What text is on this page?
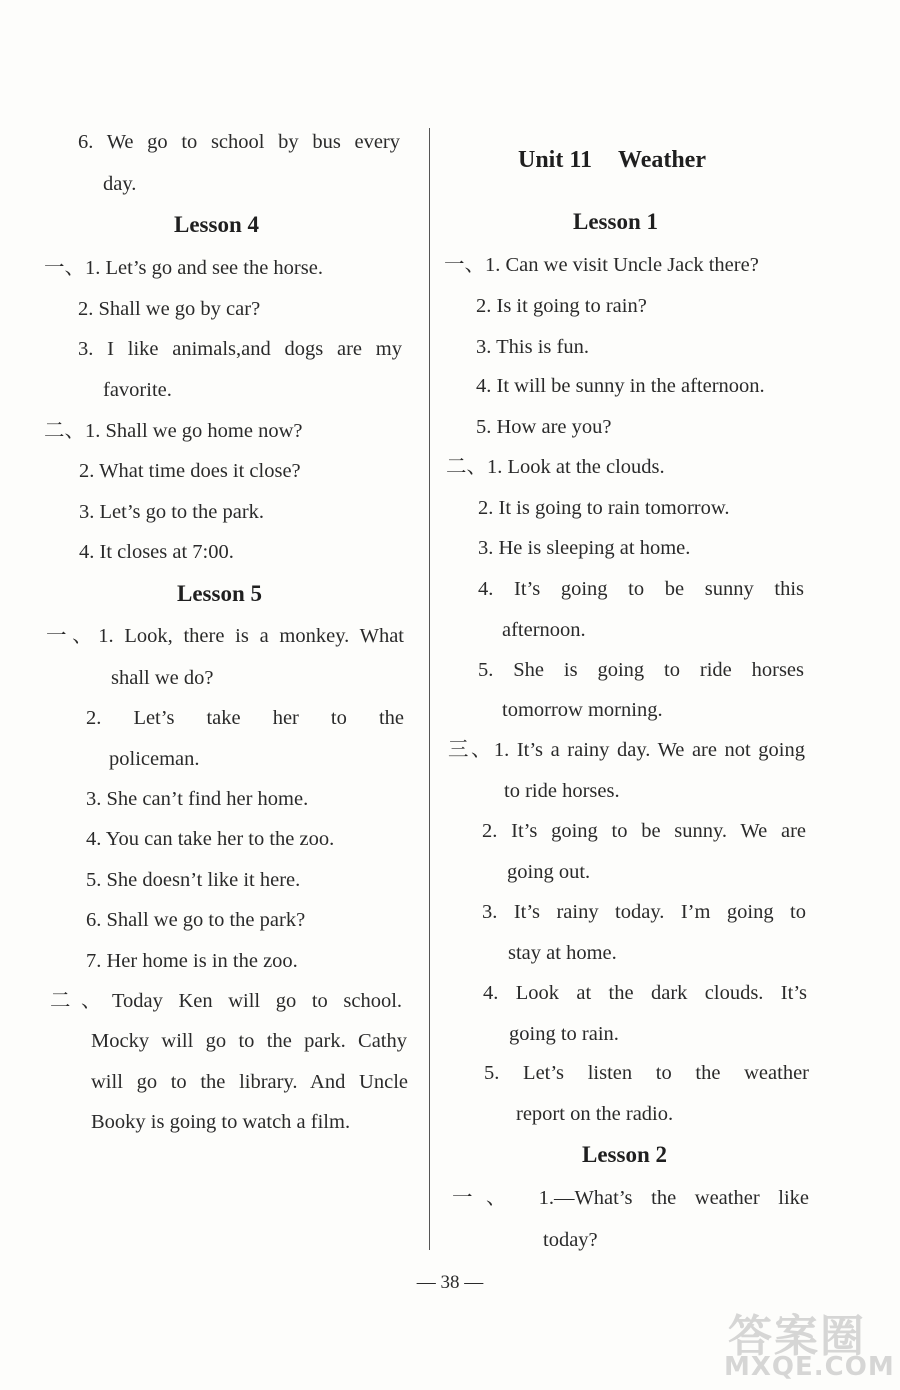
6. We go to school by bus every
day.
Lesson 4
一、1. Let’s go and see the horse.
2. Shall we go by car?
3. I like animals,and dogs are my
favorite.
二、1. Shall we go home now?
2. What time does it close?
3. Let’s go to the park.
4. It closes at 7:00.
Lesson 5
一、1. Look, there is a monkey. What
shall we do?
2. Let’s take her to the
policeman.
3. She can’t find her home.
4. You can take her to the zoo.
5. She doesn’t like it here.
6. Shall we go to the park?
7. Her home is in the zoo.
二、Today Ken will go to school.
Mocky will go to the park. Cathy
will go to the library. And Uncle
Booky is going to watch a film.
Unit 11 Weather
Lesson 1
一、1. Can we visit Uncle Jack there?
2. Is it going to rain?
3. This is fun.
4. It will be sunny in the afternoon.
5. How are you?
二、1. Look at the clouds.
2. It is going to rain tomorrow.
3. He is sleeping at home.
4. It’s going to be sunny this
afternoon.
5. She is going to ride horses
tomorrow morning.
三、1. It’s a rainy day. We are not going
to ride horses.
2. It’s going to be sunny. We are
going out.
3. It’s rainy today. I’m going to
stay at home.
4. Look at the dark clouds. It’s
going to rain.
5. Let’s listen to the weather
report on the radio.
Lesson 2
一、 1.—What’s the weather like
today?
— 38 —
答案圈
MXQE.COM
